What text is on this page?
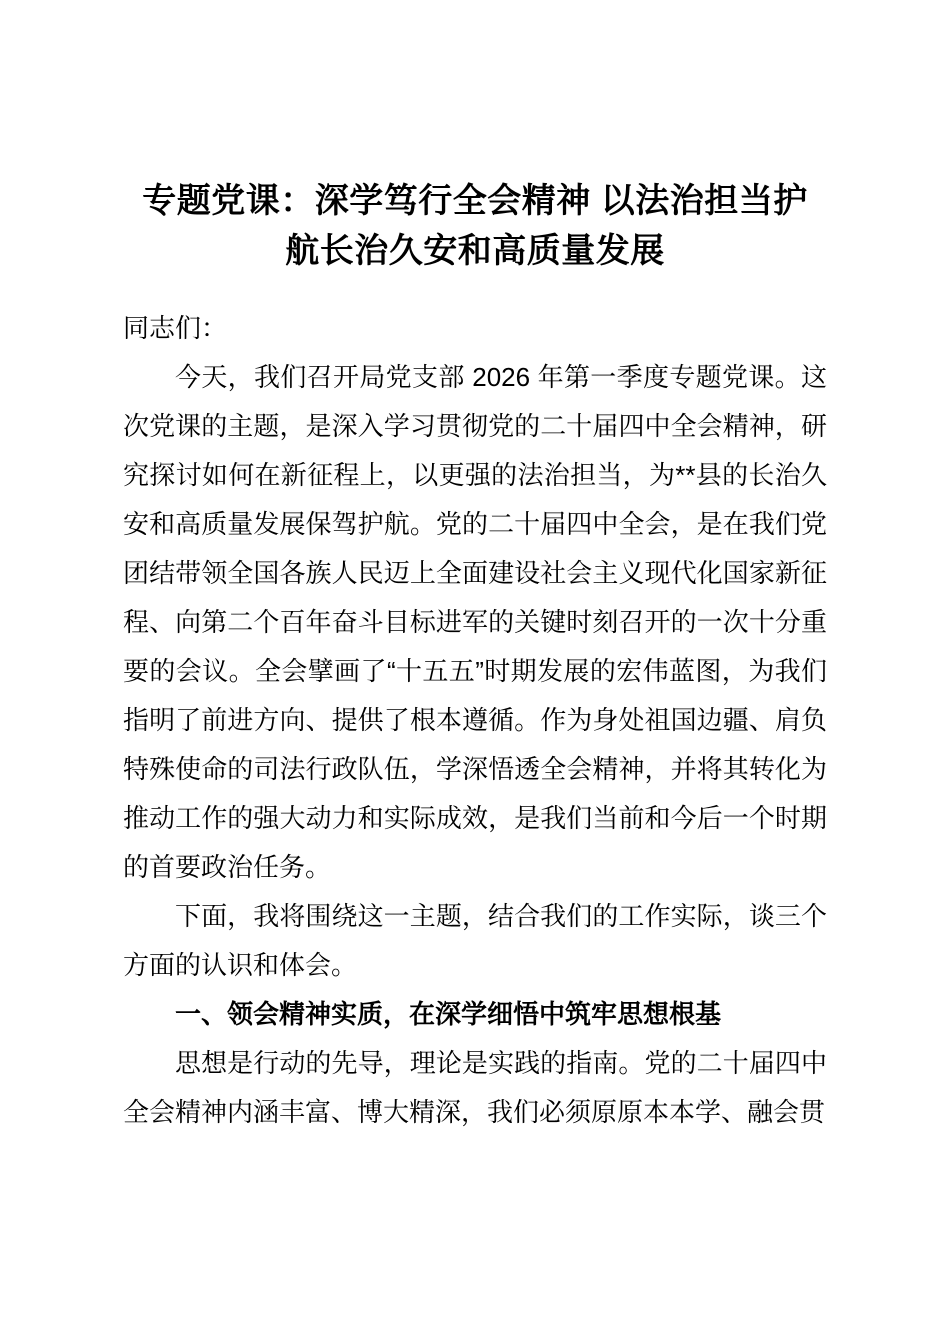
专题党课：深学笃行全会精神 以法治担当护
航长治久安和高质量发展

同志们：

今天，我们召开局党支部 2026 年第一季度专题党课。这次党课的主题，是深入学习贯彻党的二十届四中全会精神，研究探讨如何在新征程上，以更强的法治担当，为**县的长治久安和高质量发展保驾护航。党的二十届四中全会，是在我们党团结带领全国各族人民迈上全面建设社会主义现代化国家新征程、向第二个百年奋斗目标进军的关键时刻召开的一次十分重要的会议。全会擘画了“十五五”时期发展的宏伟蓝图，为我们指明了前进方向、提供了根本遵循。作为身处祖国边疆、肩负特殊使命的司法行政队伍，学深悟透全会精神，并将其转化为推动工作的强大动力和实际成效，是我们当前和今后一个时期的首要政治任务。

下面，我将围绕这一主题，结合我们的工作实际，谈三个方面的认识和体会。

一、领会精神实质，在深学细悟中筑牢思想根基

思想是行动的先导，理论是实践的指南。党的二十届四中全会精神内涵丰富、博大精深，我们必须原原本本学、融会贯
